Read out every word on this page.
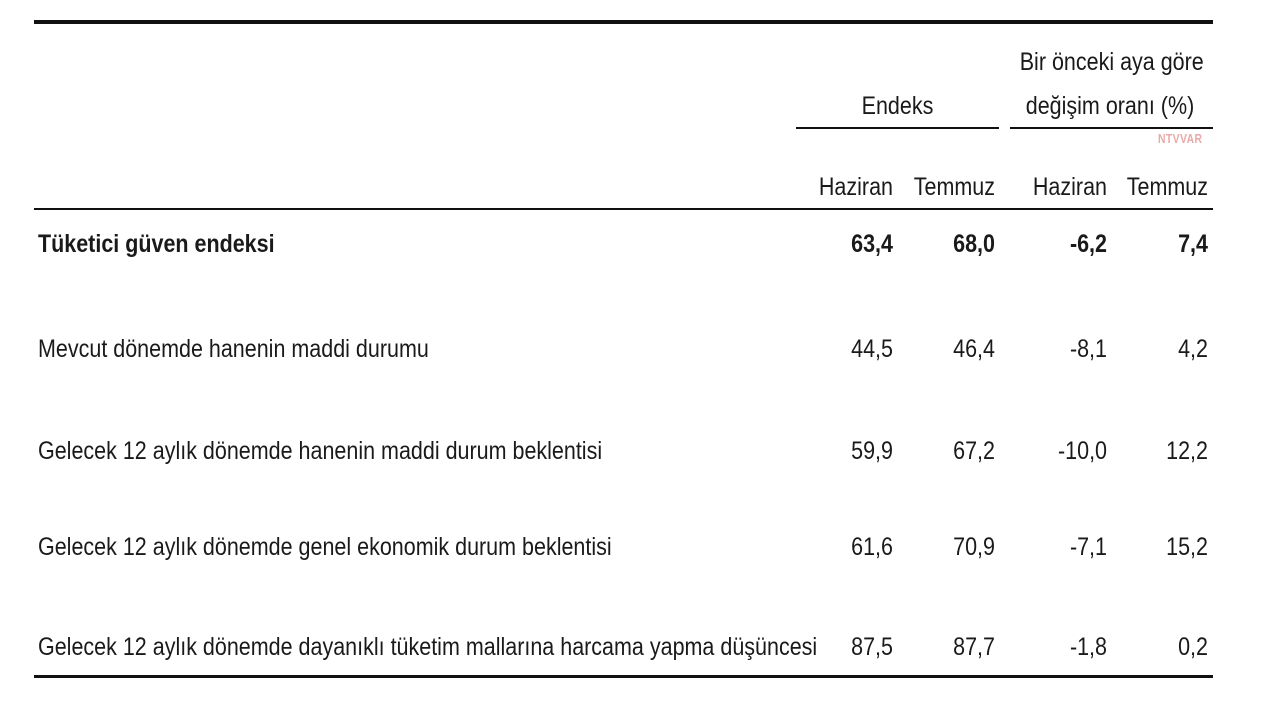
Endeks
Bir önceki aya göre
değişim oranı (%)
NTVVAR
Haziran Temmuz	Haziran Temmuz
Tüketici güven endeksi	63,4	68,0	-6,2	7,4
Mevcut dönemde hanenin maddi durumu	44,5	46,4	-8,1	4,2
Gelecek 12 aylık dönemde hanenin maddi durum beklentisi	59,9	67,2	-10,0	12,2
Gelecek 12 aylık dönemde genel ekonomik durum beklentisi	61,6	70,9	-7,1	15,2
Gelecek 12 aylık dönemde dayanıklı tüketim mallarına harcama yapma düşüncesi	87,5	87,7	-1,8	0,2
